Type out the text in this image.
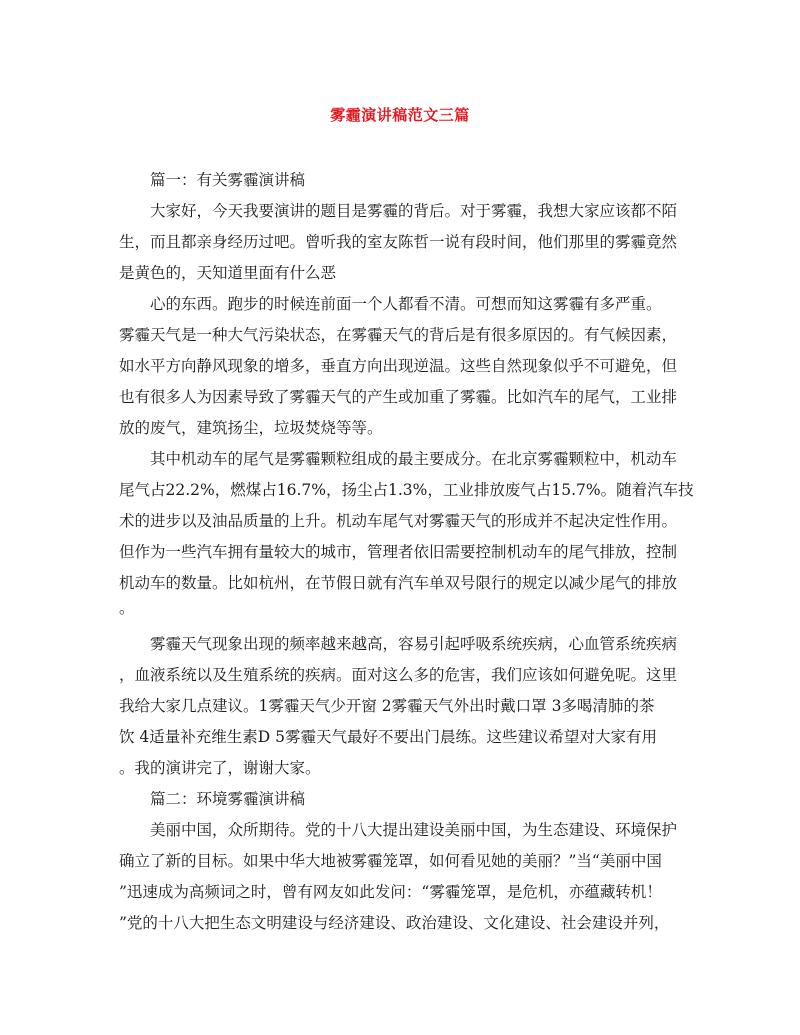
雾霾演讲稿范文三篇
篇一：有关雾霾演讲稿
大家好，今天我要演讲的题目是雾霾的背后。对于雾霾，我想大家应该都不陌
生，而且都亲身经历过吧。曾听我的室友陈哲一说有段时间，他们那里的雾霾竟然
是黄色的，天知道里面有什么恶
心的东西。跑步的时候连前面一个人都看不清。可想而知这雾霾有多严重。
雾霾天气是一种大气污染状态，在雾霾天气的背后是有很多原因的。有气候因素，
如水平方向静风现象的增多，垂直方向出现逆温。这些自然现象似乎不可避免，但
也有很多人为因素导致了雾霾天气的产生或加重了雾霾。比如汽车的尾气，工业排
放的废气，建筑扬尘，垃圾焚烧等等。
其中机动车的尾气是雾霾颗粒组成的最主要成分。在北京雾霾颗粒中，机动车
尾气占22.2%，燃煤占16.7%，扬尘占1.3%，工业排放废气占15.7%。随着汽车技
术的进步以及油品质量的上升。机动车尾气对雾霾天气的形成并不起决定性作用。
但作为一些汽车拥有量较大的城市，管理者依旧需要控制机动车的尾气排放，控制
机动车的数量。比如杭州，在节假日就有汽车单双号限行的规定以减少尾气的排放
。
雾霾天气现象出现的频率越来越高，容易引起呼吸系统疾病，心血管系统疾病
，血液系统以及生殖系统的疾病。面对这么多的危害，我们应该如何避免呢。这里
我给大家几点建议。1雾霾天气少开窗 2雾霾天气外出时戴口罩 3多喝清肺的茶
饮 4适量补充维生素D 5雾霾天气最好不要出门晨练。这些建议希望对大家有用
。我的演讲完了，谢谢大家。
篇二：环境雾霾演讲稿
美丽中国，众所期待。党的十八大提出建设美丽中国，为生态建设、环境保护
确立了新的目标。如果中华大地被雾霾笼罩，如何看见她的美丽？”当“美丽中国
”迅速成为高频词之时，曾有网友如此发问：“雾霾笼罩，是危机，亦蕴藏转机！
”党的十八大把生态文明建设与经济建设、政治建设、文化建设、社会建设并列，
